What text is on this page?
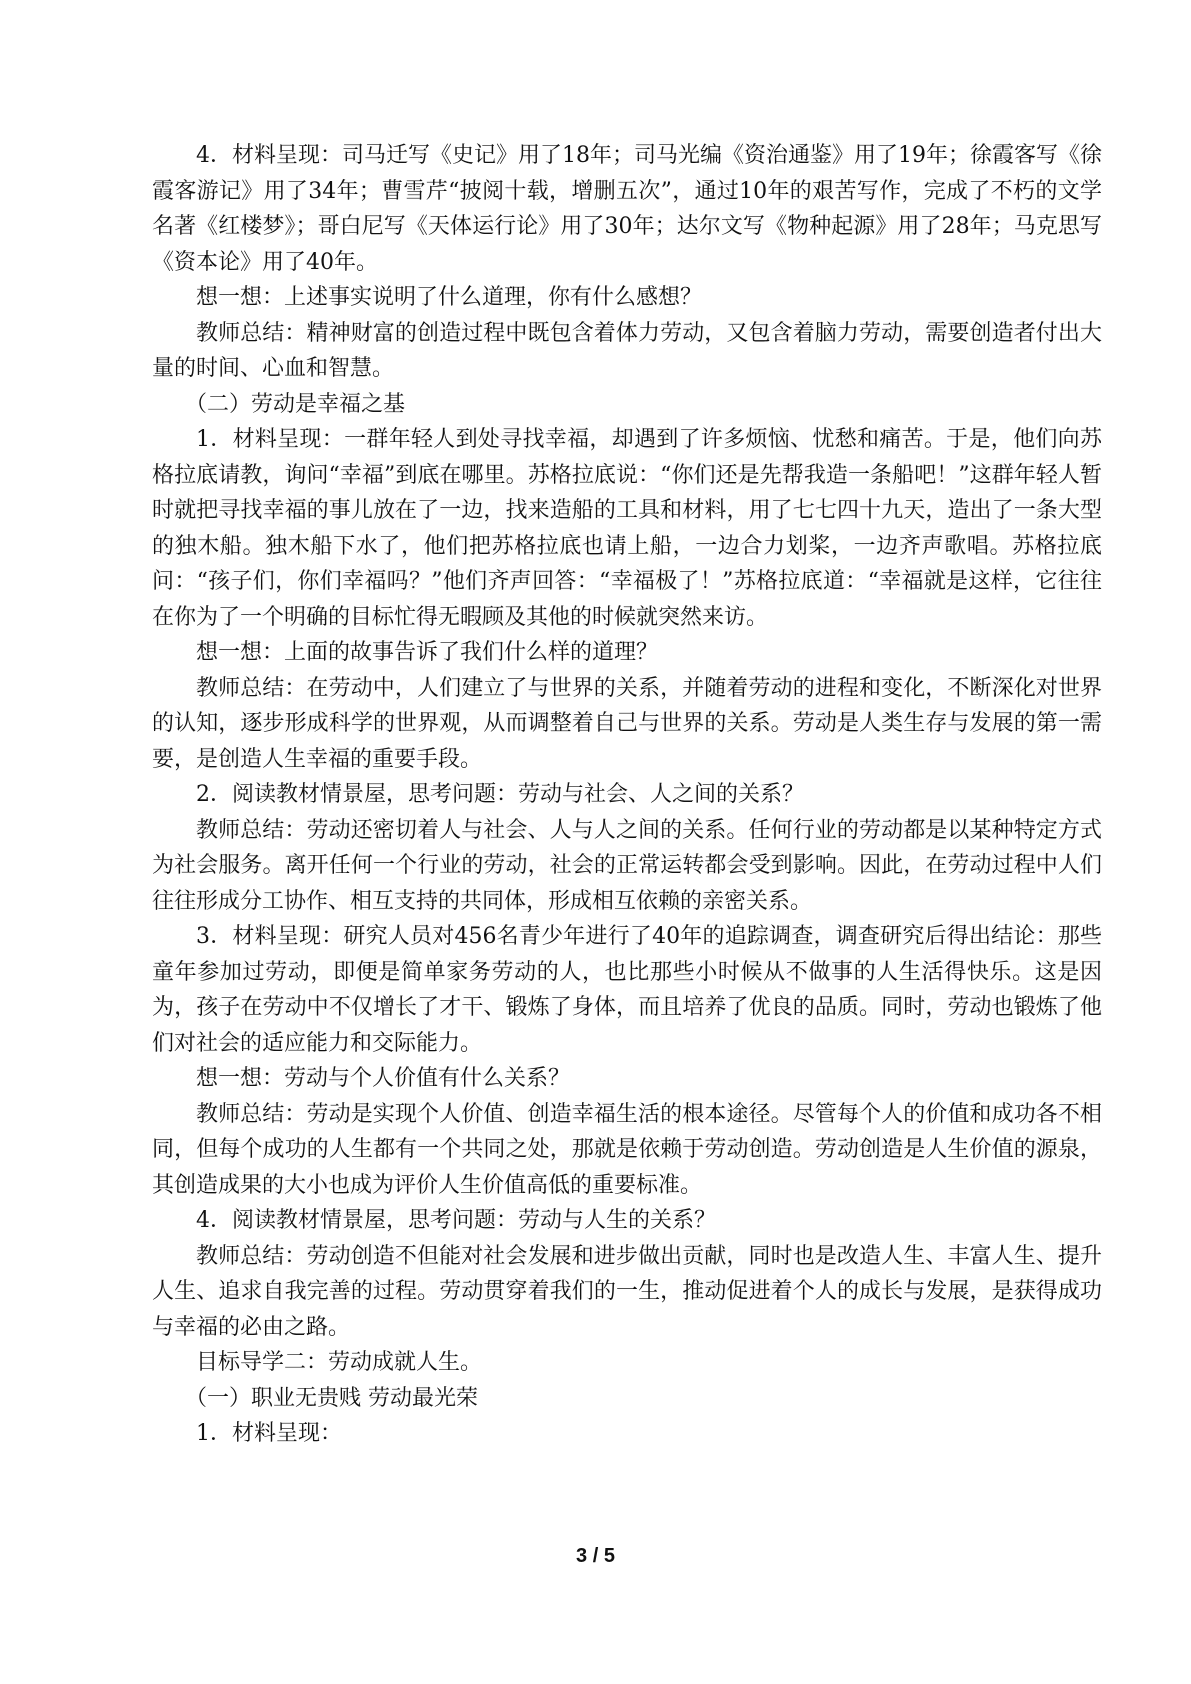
4．材料呈现：司马迁写《史记》用了18年；司马光编《资治通鉴》用了19年；徐霞客写《徐霞客游记》用了34年；曹雪芹“披阅十载，增删五次”，通过10年的艰苦写作，完成了不朽的文学名著《红楼梦》；哥白尼写《天体运行论》用了30年；达尔文写《物种起源》用了28年；马克思写《资本论》用了40年。

想一想：上述事实说明了什么道理，你有什么感想？

教师总结：精神财富的创造过程中既包含着体力劳动，又包含着脑力劳动，需要创造者付出大量的时间、心血和智慧。

（二）劳动是幸福之基

1．材料呈现：一群年轻人到处寻找幸福，却遇到了许多烦恼、忧愁和痛苦。于是，他们向苏格拉底请教，询问“幸福”到底在哪里。苏格拉底说：“你们还是先帮我造一条船吧！”这群年轻人暂时就把寻找幸福的事儿放在了一边，找来造船的工具和材料，用了七七四十九天，造出了一条大型的独木船。独木船下水了，他们把苏格拉底也请上船，一边合力划桨，一边齐声歌唱。苏格拉底问：“孩子们，你们幸福吗？”他们齐声回答：“幸福极了！”苏格拉底道：“幸福就是这样，它往往在你为了一个明确的目标忙得无暇顾及其他的时候就突然来访。

想一想：上面的故事告诉了我们什么样的道理？

教师总结：在劳动中，人们建立了与世界的关系，并随着劳动的进程和变化，不断深化对世界的认知，逐步形成科学的世界观，从而调整着自己与世界的关系。劳动是人类生存与发展的第一需要，是创造人生幸福的重要手段。

2．阅读教材情景屋，思考问题：劳动与社会、人之间的关系？

教师总结：劳动还密切着人与社会、人与人之间的关系。任何行业的劳动都是以某种特定方式为社会服务。离开任何一个行业的劳动，社会的正常运转都会受到影响。因此，在劳动过程中人们往往形成分工协作、相互支持的共同体，形成相互依赖的亲密关系。

3．材料呈现：研究人员对456名青少年进行了40年的追踪调查，调查研究后得出结论：那些童年参加过劳动，即便是简单家务劳动的人，也比那些小时候从不做事的人生活得快乐。这是因为，孩子在劳动中不仅增长了才干、锻炼了身体，而且培养了优良的品质。同时，劳动也锻炼了他们对社会的适应能力和交际能力。

想一想：劳动与个人价值有什么关系？

教师总结：劳动是实现个人价值、创造幸福生活的根本途径。尽管每个人的价值和成功各不相同，但每个成功的人生都有一个共同之处，那就是依赖于劳动创造。劳动创造是人生价值的源泉，其创造成果的大小也成为评价人生价值高低的重要标准。

4．阅读教材情景屋，思考问题：劳动与人生的关系？

教师总结：劳动创造不但能对社会发展和进步做出贡献，同时也是改造人生、丰富人生、提升人生、追求自我完善的过程。劳动贯穿着我们的一生，推动促进着个人的成长与发展，是获得成功与幸福的必由之路。

目标导学二：劳动成就人生。

（一）职业无贵贱 劳动最光荣

1．材料呈现：

3 / 5
